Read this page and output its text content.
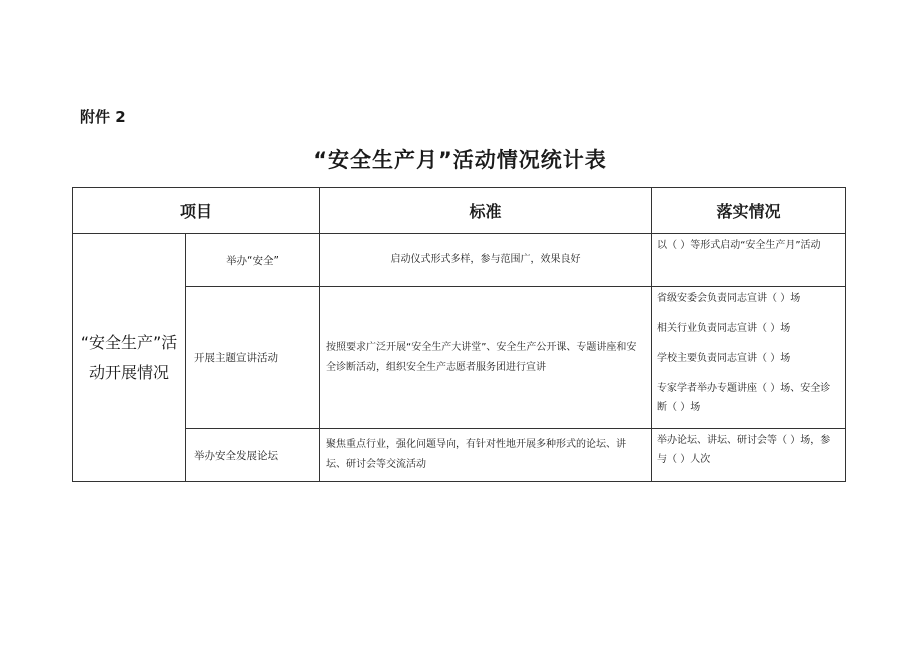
附件 2
“安全生产月”活动情况统计表
项目		标准	落实情况
“安全生产”活动开展情况	举办“安全”	启动仪式形式多样，参与范围广，效果良好	以（ ）等形式启动“安全生产月”活动

	开展主题宣讲活动	按照要求广泛开展“安全生产大讲堂”、安全生产公开课、专题讲座和安全诊断活动，组织安全生产志愿者服务团进行宣讲	省级安委会负责同志宣讲（ ）场
相关行业负责同志宣讲（ ）场
学校主要负责同志宣讲（ ）场
专家学者举办专题讲座（ ）场、安全诊断（ ）场

	举办安全发展论坛	聚焦重点行业，强化问题导向，有针对性地开展多种形式的论坛、讲坛、研讨会等交流活动	举办论坛、讲坛、研讨会等（ ）场，参与（ ）人次
